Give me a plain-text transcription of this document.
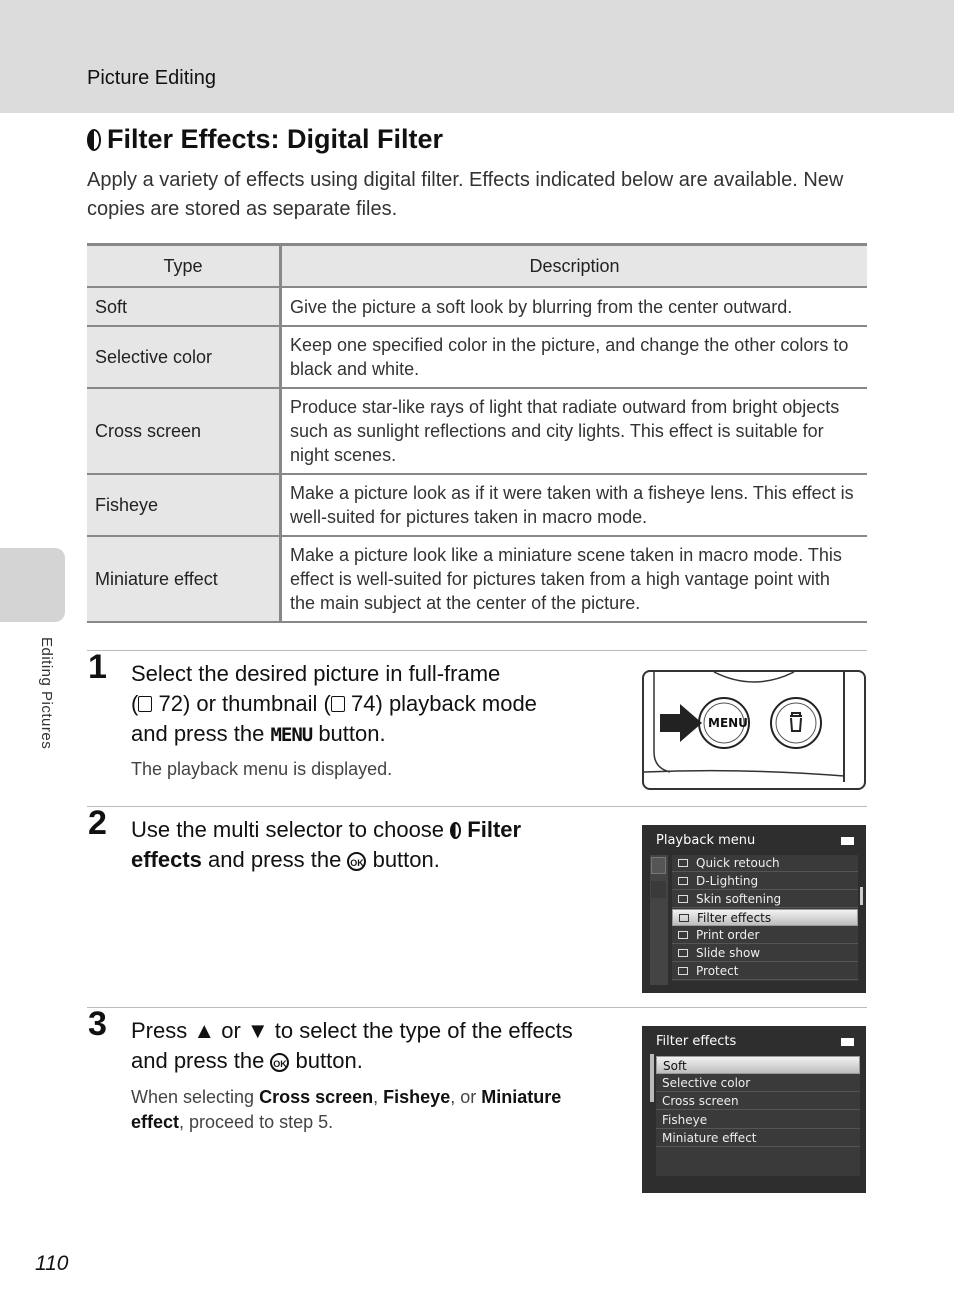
Picture Editing
Editing Pictures
Filter Effects: Digital Filter
Apply a variety of effects using digital filter. Effects indicated below are available. New copies are stored as separate files.
Type	Description
Soft	Give the picture a soft look by blurring from the center outward.
Selective color	Keep one specified color in the picture, and change the other colors to black and white.
Cross screen	Produce star-like rays of light that radiate outward from bright objects such as sunlight reflections and city lights. This effect is suitable for night scenes.
Fisheye	Make a picture look as if it were taken with a fisheye lens. This effect is well-suited for pictures taken in macro mode.
Miniature effect	Make a picture look like a miniature scene taken in macro mode. This effect is well-suited for pictures taken from a high vantage point with the main subject at the center of the picture.
1 Select the desired picture in full-frame
( 72) or thumbnail ( 74) playback mode
and press the MENU button.
The playback menu is displayed.
MENU
2 Use the multi selector to choose  Filter effects and press the OK button.
Playback menu
Quick retouch
D-Lighting
Skin softening
Filter effects
Print order
Slide show
Protect
3 Press ▲ or ▼ to select the type of the effects and press the OK button.
When selecting Cross screen, Fisheye, or Miniature effect, proceed to step 5.
Filter effects
Soft
Selective color
Cross screen
Fisheye
Miniature effect
110
